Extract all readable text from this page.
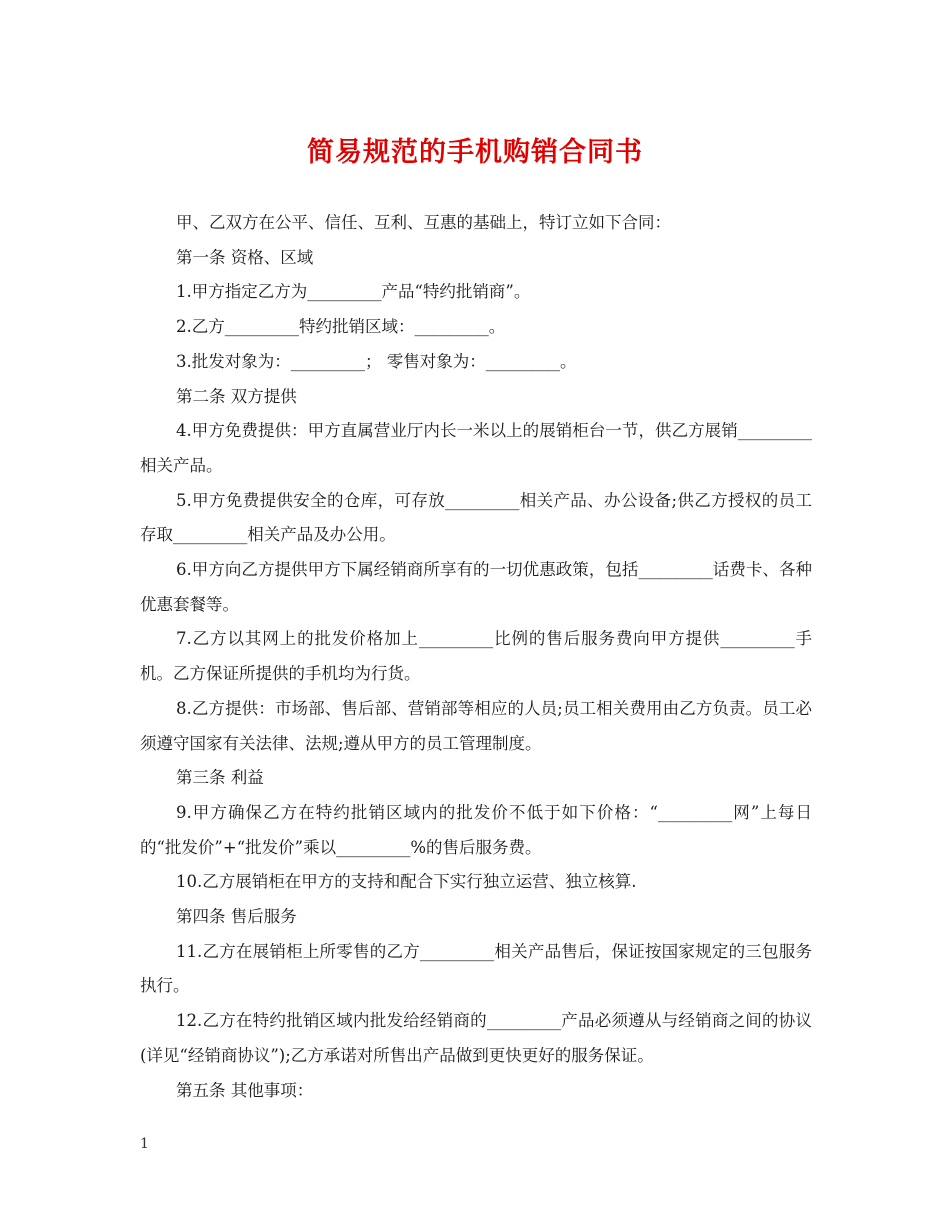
简易规范的手机购销合同书

甲、乙双方在公平、信任、互利、互惠的基础上，特订立如下合同：

第一条 资格、区域

1.甲方指定乙方为_________产品“特约批销商”。

2.乙方_________特约批销区域：_________。

3.批发对象为：_________； 零售对象为：_________。

第二条 双方提供

4.甲方免费提供：甲方直属营业厅内长一米以上的展销柜台一节，供乙方展销_________相关产品。

5.甲方免费提供安全的仓库，可存放_________相关产品、办公设备;供乙方授权的员工存取_________相关产品及办公用。

6.甲方向乙方提供甲方下属经销商所享有的一切优惠政策，包括_________话费卡、各种优惠套餐等。

7.乙方以其网上的批发价格加上_________比例的售后服务费向甲方提供_________手机。乙方保证所提供的手机均为行货。

8.乙方提供：市场部、售后部、营销部等相应的人员;员工相关费用由乙方负责。员工必须遵守国家有关法律、法规;遵从甲方的员工管理制度。

第三条 利益

9.甲方确保乙方在特约批销区域内的批发价不低于如下价格：“_________网”上每日的“批发价”+“批发价”乘以_________%的售后服务费。

10.乙方展销柜在甲方的支持和配合下实行独立运营、独立核算.

第四条 售后服务

11.乙方在展销柜上所零售的乙方_________相关产品售后，保证按国家规定的三包服务执行。

12.乙方在特约批销区域内批发给经销商的_________产品必须遵从与经销商之间的协议(详见“经销商协议”);乙方承诺对所售出产品做到更快更好的服务保证。

第五条 其他事项：

1
